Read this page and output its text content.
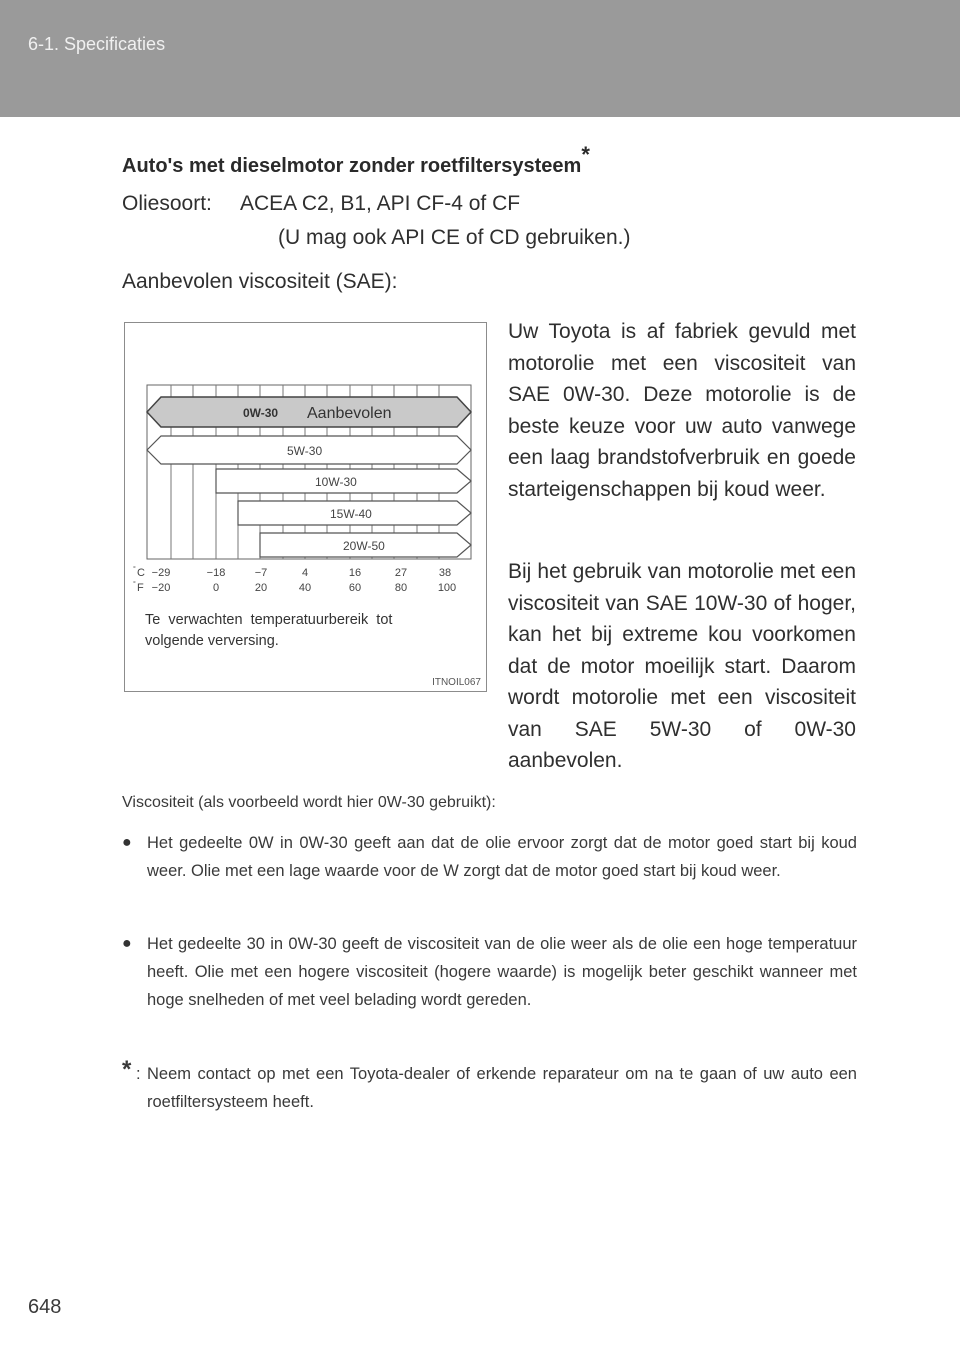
6-1. Specificaties
Auto's met dieselmotor zonder roetfiltersysteem*
Oliesoort: ACEA C2, B1, API CF-4 of CF
(U mag ook API CE of CD gebruiken.)
Aanbevolen viscositeit (SAE):
0W-30 Aanbevolen
5W-30
10W-30
15W-40
20W-50
° C
° F
−29	−18	−7	4	16	27	38
−20	0	20	40	60	80	100
Te  verwachten  temperatuurbereik  tot
volgende verversing.
ITNOIL067
Uw Toyota is af fabriek gevuld met motorolie met een viscositeit van SAE 0W-30. Deze motorolie is de beste keuze voor uw auto vanwege een laag brandstofverbruik en goede starteigenschappen bij koud weer.
Bij het gebruik van motorolie met een viscositeit van SAE 10W-30 of hoger, kan het bij extreme kou voorkomen dat de motor moeilijk start. Daarom wordt motorolie met een viscositeit van SAE 5W-30 of 0W-30 aanbevolen.
Viscositeit (als voorbeeld wordt hier 0W-30 gebruikt):
● Het gedeelte 0W in 0W-30 geeft aan dat de olie ervoor zorgt dat de motor goed start bij koud weer. Olie met een lage waarde voor de W zorgt dat de motor goed start bij koud weer.
● Het gedeelte 30 in 0W-30 geeft de viscositeit van de olie weer als de olie een hoge temperatuur heeft. Olie met een hogere viscositeit (hogere waarde) is mogelijk beter geschikt wanneer met hoge snelheden of met veel belading wordt gereden.
* : Neem contact op met een Toyota-dealer of erkende reparateur om na te gaan of uw auto een roetfiltersysteem heeft.
648
